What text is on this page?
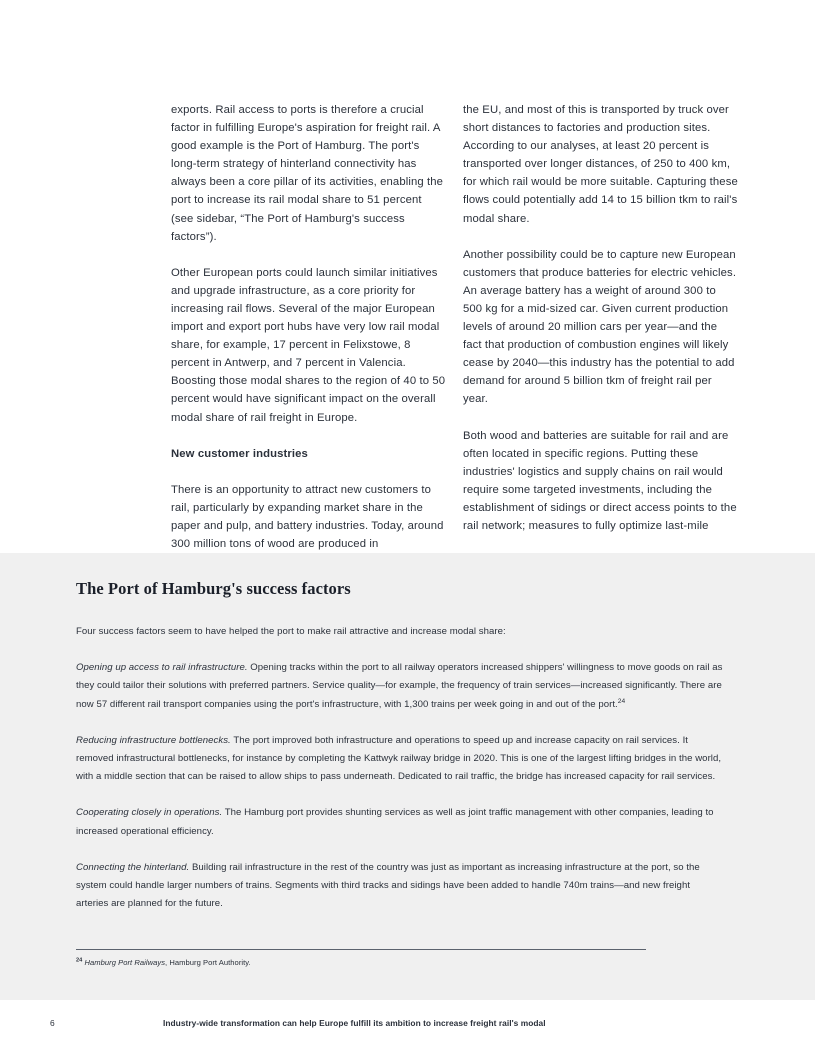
exports. Rail access to ports is therefore a crucial factor in fulfilling Europe's aspiration for freight rail. A good example is the Port of Hamburg. The port's long-term strategy of hinterland connectivity has always been a core pillar of its activities, enabling the port to increase its rail modal share to 51 percent (see sidebar, “The Port of Hamburg's success factors”).

Other European ports could launch similar initiatives and upgrade infrastructure, as a core priority for increasing rail flows. Several of the major European import and export port hubs have very low rail modal share, for example, 17 percent in Felixstowe, 8 percent in Antwerp, and 7 percent in Valencia. Boosting those modal shares to the region of 40 to 50 percent would have significant impact on the overall modal share of rail freight in Europe.

New customer industries

There is an opportunity to attract new customers to rail, particularly by expanding market share in the paper and pulp, and battery industries. Today, around 300 million tons of wood are produced in

the EU, and most of this is transported by truck over short distances to factories and production sites. According to our analyses, at least 20 percent is transported over longer distances, of 250 to 400 km, for which rail would be more suitable. Capturing these flows could potentially add 14 to 15 billion tkm to rail's modal share.

Another possibility could be to capture new European customers that produce batteries for electric vehicles. An average battery has a weight of around 300 to 500 kg for a mid-sized car. Given current production levels of around 20 million cars per year—and the fact that production of combustion engines will likely cease by 2040—this industry has the potential to add demand for around 5 billion tkm of freight rail per year.

Both wood and batteries are suitable for rail and are often located in specific regions. Putting these industries' logistics and supply chains on rail would require some targeted investments, including the establishment of sidings or direct access points to the rail network; measures to fully optimize last-mile

The Port of Hamburg's success factors

Four success factors seem to have helped the port to make rail attractive and increase modal share:

Opening up access to rail infrastructure. Opening tracks within the port to all railway operators increased shippers' willingness to move goods on rail as they could tailor their solutions with preferred partners. Service quality—for example, the frequency of train services—increased significantly. There are now 57 different rail transport companies using the port's infrastructure, with 1,300 trains per week going in and out of the port.$^{24}$

Reducing infrastructure bottlenecks. The port improved both infrastructure and operations to speed up and increase capacity on rail services. It removed infrastructural bottlenecks, for instance by completing the Kattwyk railway bridge in 2020. This is one of the largest lifting bridges in the world, with a middle section that can be raised to allow ships to pass underneath. Dedicated to rail traffic, the bridge has increased capacity for rail services.

Cooperating closely in operations. The Hamburg port provides shunting services as well as joint traffic management with other companies, leading to increased operational efficiency.

Connecting the hinterland. Building rail infrastructure in the rest of the country was just as important as increasing infrastructure at the port, so the system could handle larger numbers of trains. Segments with third tracks and sidings have been added to handle 740m trains—and new freight arteries are planned for the future.

$^{24}$ Hamburg Port Railways, Hamburg Port Authority.
6	Industry-wide transformation can help Europe fulfill its ambition to increase freight rail's modal
